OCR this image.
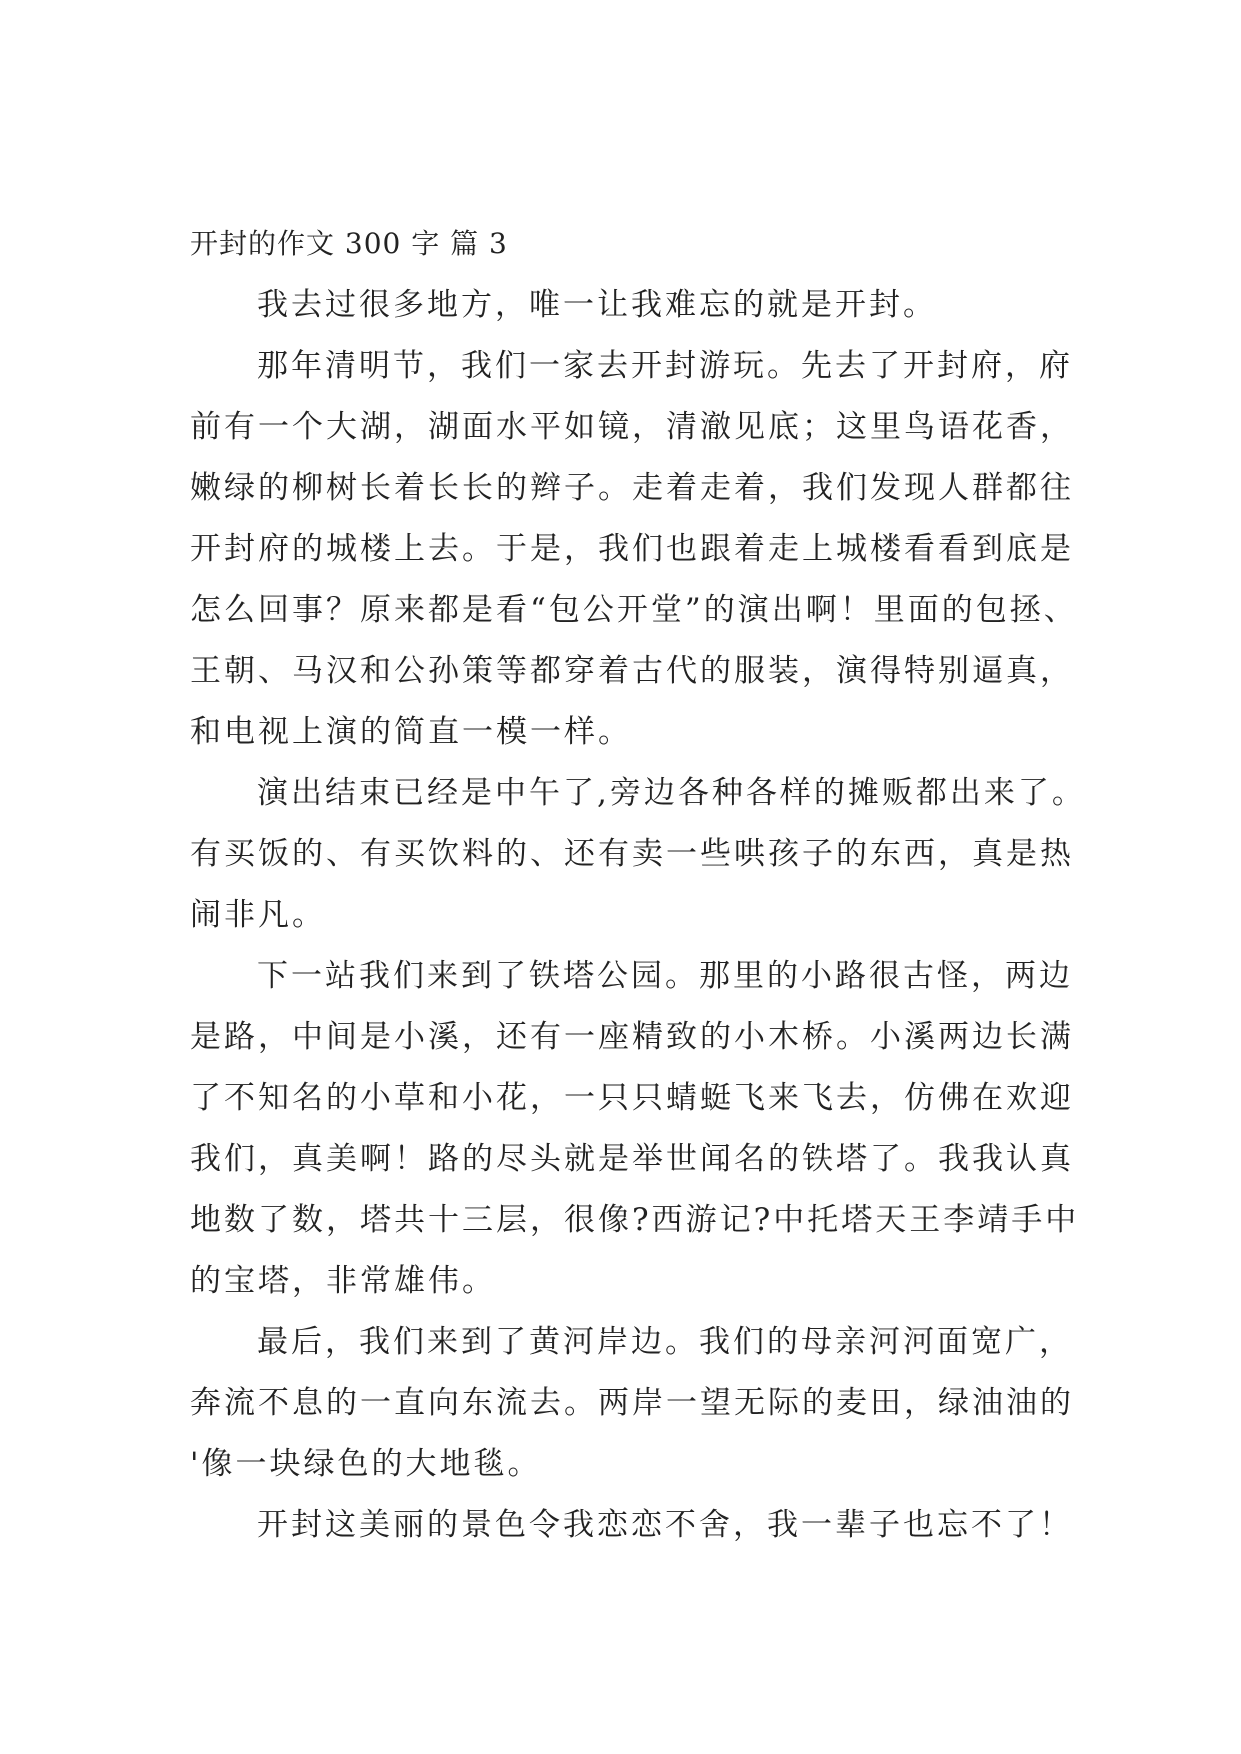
开封的作文 300 字 篇 3
我去过很多地方，唯一让我难忘的就是开封。
那年清明节，我们一家去开封游玩。先去了开封府，府
前有一个大湖，湖面水平如镜，清澈见底；这里鸟语花香，
嫩绿的柳树长着长长的辫子。走着走着，我们发现人群都往
开封府的城楼上去。于是，我们也跟着走上城楼看看到底是
怎么回事？原来都是看“包公开堂”的演出啊！里面的包拯、
王朝、马汉和公孙策等都穿着古代的服装，演得特别逼真，
和电视上演的简直一模一样。
演出结束已经是中午了,旁边各种各样的摊贩都出来了。
有买饭的、有买饮料的、还有卖一些哄孩子的东西，真是热
闹非凡。
下一站我们来到了铁塔公园。那里的小路很古怪，两边
是路，中间是小溪，还有一座精致的小木桥。小溪两边长满
了不知名的小草和小花，一只只蜻蜓飞来飞去，仿佛在欢迎
我们，真美啊！路的尽头就是举世闻名的铁塔了。我我认真
地数了数，塔共十三层，很像?西游记?中托塔天王李靖手中
的宝塔，非常雄伟。
最后，我们来到了黄河岸边。我们的母亲河河面宽广，
奔流不息的一直向东流去。两岸一望无际的麦田，绿油油的
'像一块绿色的大地毯。
开封这美丽的景色令我恋恋不舍，我一辈子也忘不了！
